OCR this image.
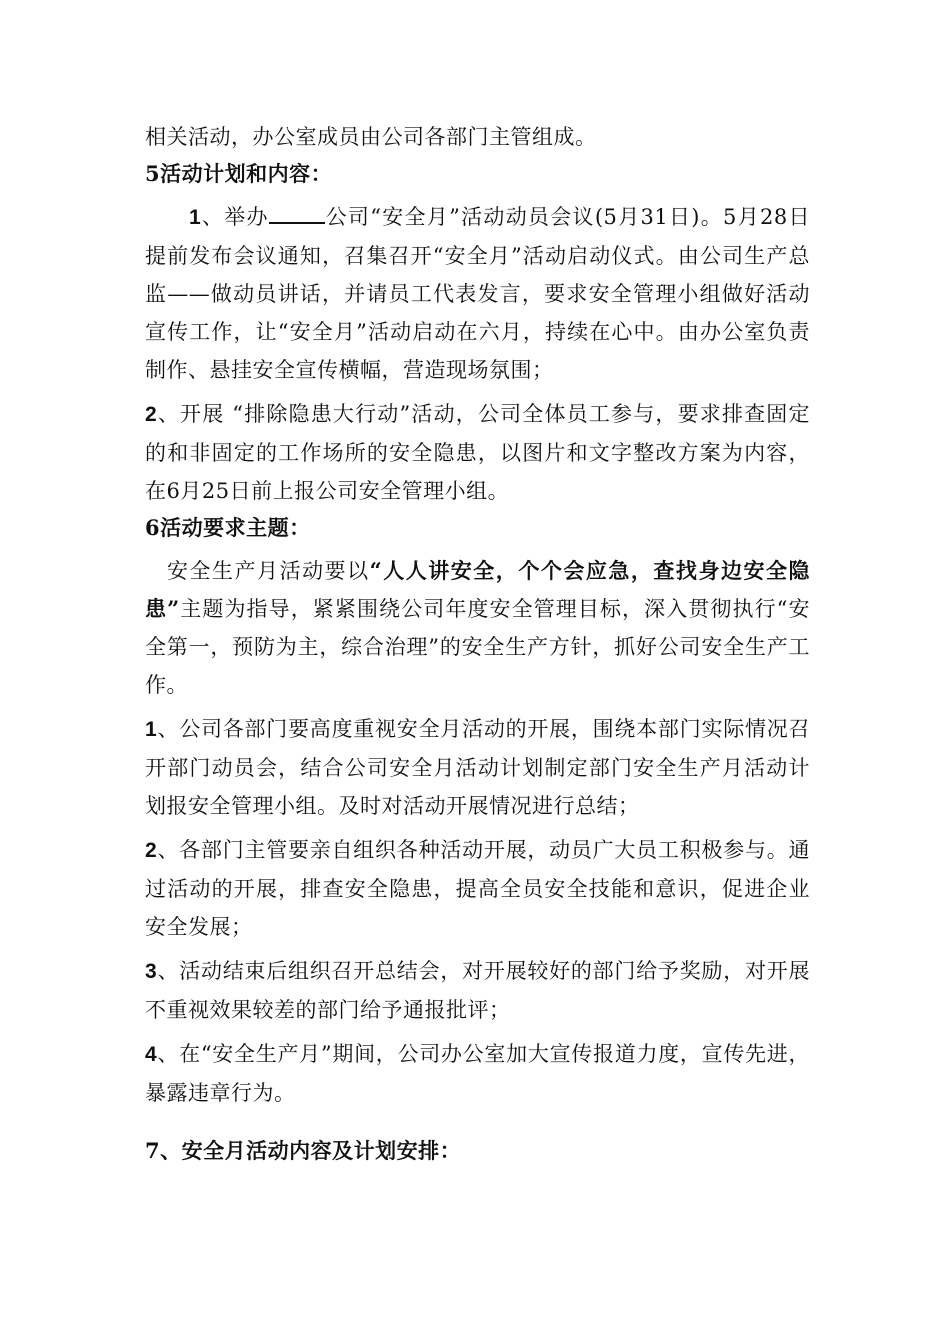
相关活动，办公室成员由公司各部门主管组成。

5活动计划和内容：

1、举办	公司“安全月”活动动员会议(5月31日)。5月28日提前发布会议通知，召集召开“安全月”活动启动仪式。由公司生产总监——做动员讲话，并请员工代表发言，要求安全管理小组做好活动宣传工作，让“安全月”活动启动在六月，持续在心中。由办公室负责制作、悬挂安全宣传横幅，营造现场氛围；

2、开展 “排除隐患大行动”活动，公司全体员工参与，要求排查固定的和非固定的工作场所的安全隐患，以图片和文字整改方案为内容，在6月25日前上报公司安全管理小组。

6活动要求主题：

安全生产月活动要以“人人讲安全，个个会应急，查找身边安全隐患”主题为指导，紧紧围绕公司年度安全管理目标，深入贯彻执行“安全第一，预防为主，综合治理”的安全生产方针，抓好公司安全生产工作。

1、公司各部门要高度重视安全月活动的开展，围绕本部门实际情况召开部门动员会，结合公司安全月活动计划制定部门安全生产月活动计划报安全管理小组。及时对活动开展情况进行总结；

2、各部门主管要亲自组织各种活动开展，动员广大员工积极参与。通过活动的开展，排查安全隐患，提高全员安全技能和意识，促进企业安全发展；

3、活动结束后组织召开总结会，对开展较好的部门给予奖励，对开展不重视效果较差的部门给予通报批评；

4、在“安全生产月”期间，公司办公室加大宣传报道力度，宣传先进，暴露违章行为。

7、安全月活动内容及计划安排：
